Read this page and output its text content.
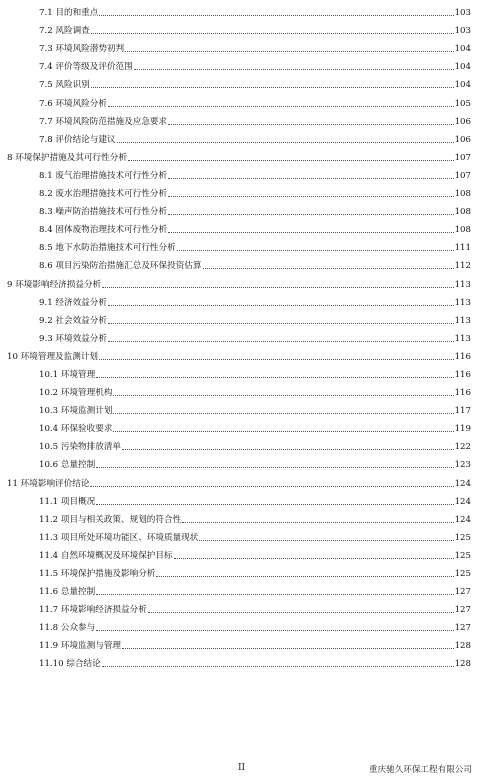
7.1 目的和重点	103
7.2 风险调查	103
7.3 环境风险潜势初判	104
7.4 评价等级及评价范围	104
7.5 风险识别	104
7.6 环境风险分析	105
7.7 环境风险防范措施及应急要求	106
7.8 评价结论与建议	106
8 环境保护措施及其可行性分析	107
8.1 废气治理措施技术可行性分析	107
8.2 废水治理措施技术可行性分析	108
8.3 噪声防治措施技术可行性分析	108
8.4 固体废物治理技术可行性分析	108
8.5 地下水防治措施技术可行性分析	111
8.6 项目污染防治措施汇总及环保投资估算	112
9 环境影响经济损益分析	113
9.1 经济效益分析	113
9.2 社会效益分析	113
9.3 环境效益分析	113
10 环境管理及监测计划	116
10.1 环境管理	116
10.2 环境管理机构	116
10.3 环境监测计划	117
10.4 环保验收要求	119
10.5 污染物排放清单	122
10.6 总量控制	123
11 环境影响评价结论	124
11.1 项目概况	124
11.2 项目与相关政策、规划的符合性	124
11.3 项目所处环境功能区、环境质量现状	125
11.4 自然环境概况及环境保护目标	125
11.5 环境保护措施及影响分析	125
11.6 总量控制	127
11.7 环境影响经济损益分析	127
11.8 公众参与	127
11.9 环境监测与管理	128
11.10 综合结论	128
II	重庆驰久环保工程有限公司
